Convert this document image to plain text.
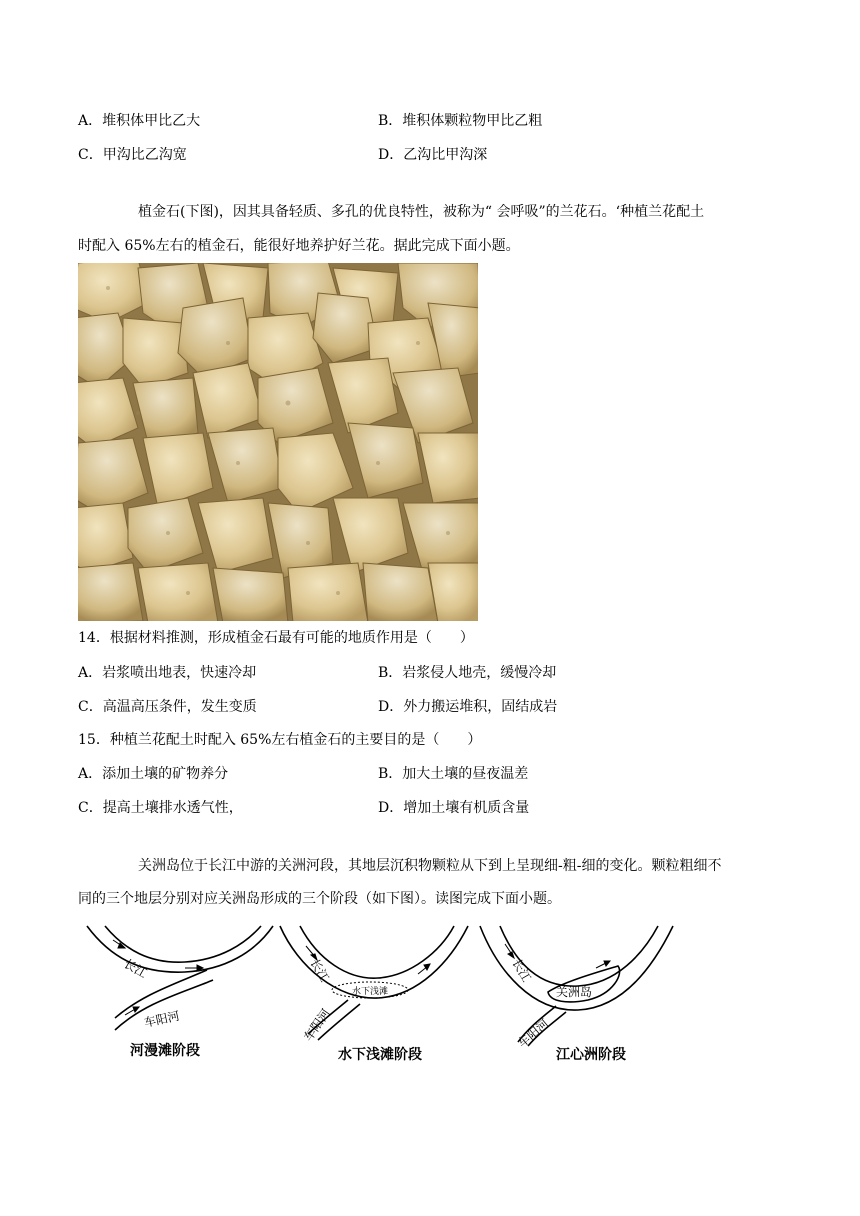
A．堆积体甲比乙大	B．堆积体颗粒物甲比乙粗
C．甲沟比乙沟宽	D．乙沟比甲沟深
植金石(下图)，因其具备轻质、多孔的优良特性，被称为“ 会呼吸”的兰花石。‘种植兰花配土
时配入 65%左右的植金石，能很好地养护好兰花。据此完成下面小题。
14．根据材料推测，形成植金石最有可能的地质作用是（　　）
A．岩浆喷出地表，快速冷却	B．岩浆侵人地壳，缓慢冷却
C．高温高压条件，发生变质	D．外力搬运堆积，固结成岩
15．种植兰花配土时配入 65%左右植金石的主要目的是（　　）
A．添加土壤的矿物养分	B．加大土壤的昼夜温差
C．提高土壤排水透气性，	D．增加土壤有机质含量
关洲岛位于长江中游的关洲河段，其地层沉积物颗粒从下到上呈现细-粗-细的变化。颗粒粗细不
同的三个地层分别对应关洲岛形成的三个阶段（如下图）。读图完成下面小题。
长江
车阳河
河漫滩阶段
长江
水下浅滩
车阳河
水下浅滩阶段
长江
关洲岛
车阳河
江心洲阶段
